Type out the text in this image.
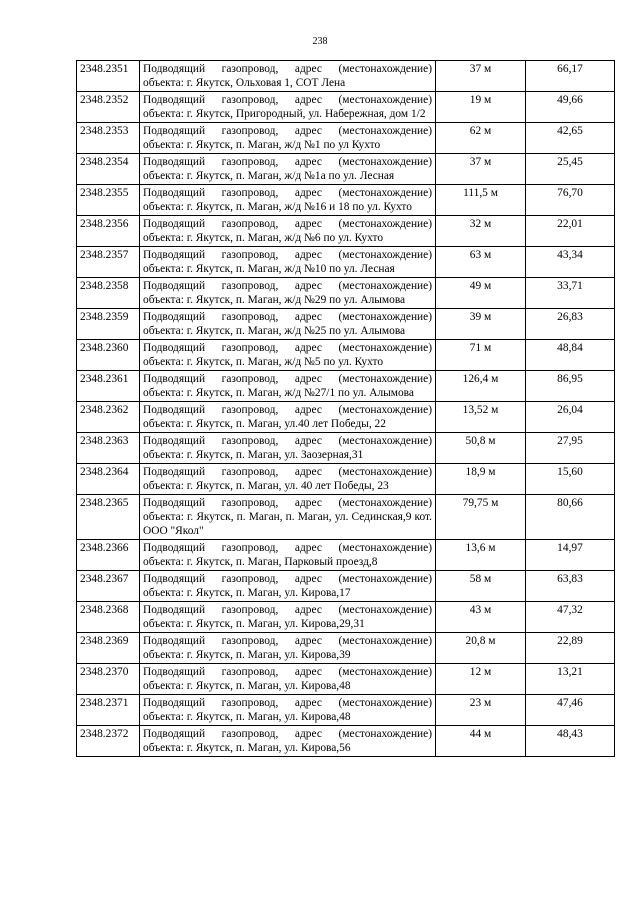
238
2348.2351	Подводящий газопровод, адрес (местонахождение) объекта: г. Якутск, Ольховая 1, СОТ Лена	37 м	66,17
2348.2352	Подводящий газопровод, адрес (местонахождение) объекта: г. Якутск, Пригородный, ул. Набережная, дом 1/2	19 м	49,66
2348.2353	Подводящий газопровод, адрес (местонахождение) объекта: г. Якутск, п. Маган, ж/д №1 по ул Кухто	62 м	42,65
2348.2354	Подводящий газопровод, адрес (местонахождение) объекта: г. Якутск, п. Маган, ж/д №1а по ул. Лесная	37 м	25,45
2348.2355	Подводящий газопровод, адрес (местонахождение) объекта: г. Якутск, п. Маган, ж/д №16 и 18 по ул. Кухто	111,5 м	76,70
2348.2356	Подводящий газопровод, адрес (местонахождение) объекта: г. Якутск, п. Маган, ж/д №6 по ул. Кухто	32 м	22,01
2348.2357	Подводящий газопровод, адрес (местонахождение) объекта: г. Якутск, п. Маган, ж/д №10 по ул. Лесная	63 м	43,34
2348.2358	Подводящий газопровод, адрес (местонахождение) объекта: г. Якутск, п. Маган, ж/д №29 по ул. Алымова	49 м	33,71
2348.2359	Подводящий газопровод, адрес (местонахождение) объекта: г. Якутск, п. Маган, ж/д №25 по ул. Алымова	39 м	26,83
2348.2360	Подводящий газопровод, адрес (местонахождение) объекта: г. Якутск, п. Маган, ж/д №5 по ул. Кухто	71 м	48,84
2348.2361	Подводящий газопровод, адрес (местонахождение) объекта: г. Якутск, п. Маган, ж/д №27/1 по ул. Алымова	126,4 м	86,95
2348.2362	Подводящий газопровод, адрес (местонахождение) объекта: г. Якутск, п. Маган, ул.40 лет Победы, 22	13,52 м	26,04
2348.2363	Подводящий газопровод, адрес (местонахождение) объекта: г. Якутск, п. Маган, ул. Заозерная,31	50,8 м	27,95
2348.2364	Подводящий газопровод, адрес (местонахождение) объекта: г. Якутск, п. Маган, ул. 40 лет Победы, 23	18,9 м	15,60
2348.2365	Подводящий газопровод, адрес (местонахождение) объекта: г. Якутск, п. Маган, п. Маган, ул. Сединская,9 кот. ООО "Якол"	79,75 м	80,66
2348.2366	Подводящий газопровод, адрес (местонахождение) объекта: г. Якутск, п. Маган, Парковый проезд,8	13,6 м	14,97
2348.2367	Подводящий газопровод, адрес (местонахождение) объекта: г. Якутск, п. Маган, ул. Кирова,17	58 м	63,83
2348.2368	Подводящий газопровод, адрес (местонахождение) объекта: г. Якутск, п. Маган, ул. Кирова,29,31	43 м	47,32
2348.2369	Подводящий газопровод, адрес (местонахождение) объекта: г. Якутск, п. Маган, ул. Кирова,39	20,8 м	22,89
2348.2370	Подводящий газопровод, адрес (местонахождение) объекта: г. Якутск, п. Маган, ул. Кирова,48	12 м	13,21
2348.2371	Подводящий газопровод, адрес (местонахождение) объекта: г. Якутск, п. Маган, ул. Кирова,48	23 м	47,46
2348.2372	Подводящий газопровод, адрес (местонахождение) объекта: г. Якутск, п. Маган, ул. Кирова,56	44 м	48,43
